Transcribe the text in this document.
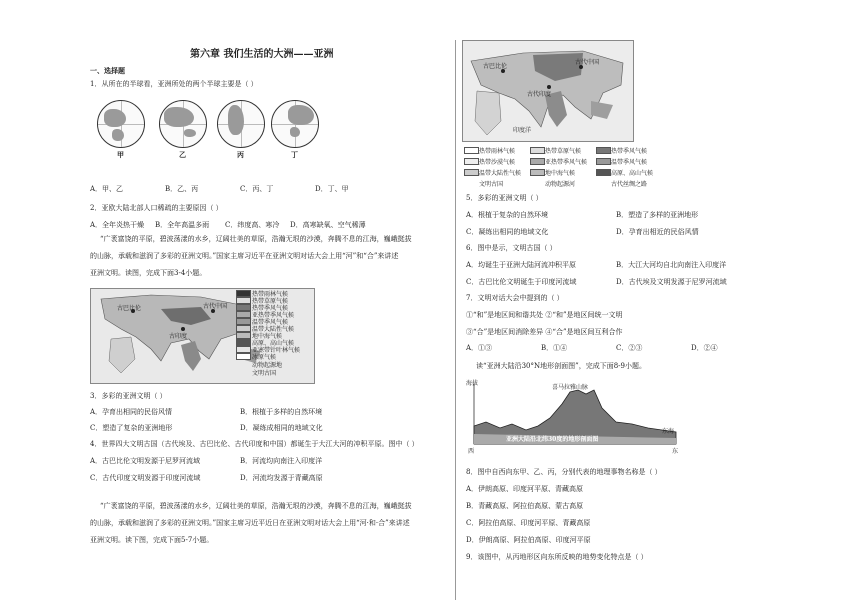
第六章 我们生活的大洲——亚洲
一、选择题
1．从所在的半球看，亚洲所处的两个半球主要是（ ）
甲	乙	丙	丁
A．甲、乙	B．乙、丙	C．丙、丁	D．丁、甲
2．亚欧大陆北部人口稀疏的主要原因（ ）
A．全年炎热干燥 B．全年高温多雨 C．纬度高、寒冷 D．高寒缺氧、空气稀薄
“广袤富饶的平原，碧波荡漾的水乡，辽阔壮美的草原，浩瀚无垠的沙漠，奔腾不息的江海，巍峨挺拔
的山脉，承载和滋润了多彩的亚洲文明。”国家主席习近平在亚洲文明对话大会上用“河”和“合”来讲述
亚洲文明。读图，完成下面3-4小题。
古巴比伦	古代中国
古印度
热带雨林气候
热带草原气候
热带季风气候
亚热带季风气候
温带季风气候
温带大陆性气候
地中海气候
高原、高山气候
亚寒带针叶林气候
冰原气候
动物起源地
文明古国
3．多彩的亚洲文明（ ）
A．孕育出相同的民俗风情	B．根植于多样的自然环境
C．塑造了复杂的亚洲地形	D．凝练成相同的地域文化
4．世界四大文明古国（古代埃及、古巴比伦、古代印度和中国）都诞生于大江大河的冲积平原。图中（ ）
A．古巴比伦文明发源于尼罗河流域	B．河流均向南注入印度洋
C．古代印度文明发源于印度河流域	D．河流均发源于青藏高原
“广袤富饶的平原，碧波荡漾的水乡，辽阔壮美的草原，浩瀚无垠的沙漠，奔腾不息的江海，巍峨挺拔
的山脉，承载和滋润了多彩的亚洲文明。”国家主席习近平近日在亚洲文明对话大会上用“河·和·合”来讲述
亚洲文明。读下图，完成下面5-7小题。
古巴比伦
古代中国
古代印度
印度洋
热带雨林气候	热带草原气候	热带季风气候
热带沙漠气候	亚热带季风气候	温带季风气候
温带大陆性气候	地中海气候	高原、高山气候
文明古国	动物起源河	古代丝绸之路
5．多彩的亚洲文明（ ）
A．根植于复杂的自然环境	B．塑造了多样的亚洲地形
C．凝练出相同的地域文化	D．孕育出相近的民俗风情
6．图中是示，文明古国（ ）
A．均诞生于亚洲大陆河流冲积平原	B．大江大河均自北向南注入印度洋
C．古巴比伦文明诞生于印度河流域	D．古代埃及文明发源于尼罗河流域
7．文明对话大会中提到的（ ）
①“和”是地区间和谐共处 ②“和”是地区间统一文明
③“合”是地区间消除差异 ④“合”是地区间互利合作
A．①③	B．①④	C．②③	D．②④
读“亚洲大陆沿30°N地形剖面图”，完成下面8-9小题。
海拔
喜马拉雅山脉
亚洲大陆沿北纬30度的地形剖面图
东海
西	东
8．图中自西向东甲、乙、丙，分别代表的地理事物名称是（ ）
A．伊朗高原、印度河平原、青藏高原
B．青藏高原、阿拉伯高原、蒙古高原
C．阿拉伯高原、印度河平原、青藏高原
D．伊朗高原、阿拉伯高原、印度河平原
9．该图中，从丙地形区向东所反映的地势变化特点是（ ）
